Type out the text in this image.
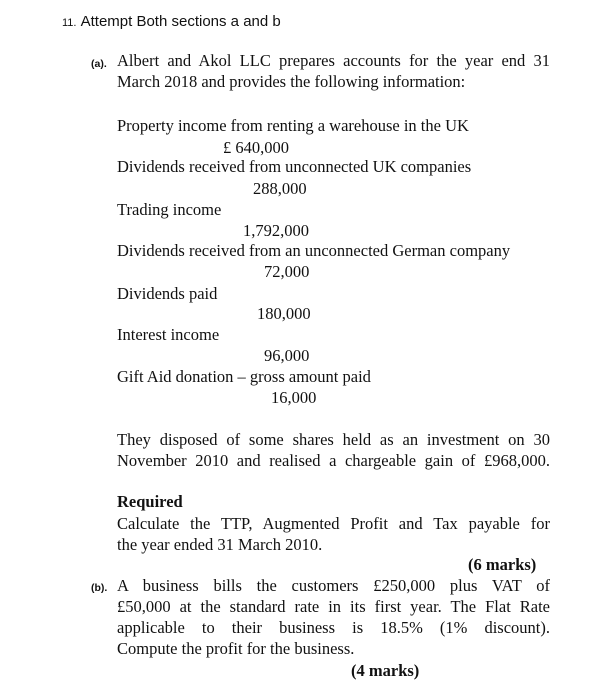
11. Attempt Both sections a and b
(a). Albert and Akol LLC prepares accounts for the year end 31
March 2018 and provides the following information:
Property income from renting a warehouse in the UK
£ 640,000
Dividends received from unconnected UK companies
288,000
Trading income
1,792,000
Dividends received from an unconnected German company
72,000
Dividends paid
180,000
Interest income
96,000
Gift Aid donation – gross amount paid
16,000
They disposed of some shares held as an investment on 30
November 2010 and realised a chargeable gain of £968,000.
Required
Calculate the TTP, Augmented Profit and Tax payable for
the year ended 31 March 2010.
(6 marks)
(b). A business bills the customers £250,000 plus VAT of
£50,000 at the standard rate in its first year. The Flat Rate
applicable to their business is 18.5% (1% discount).
Compute the profit for the business.
(4 marks)
